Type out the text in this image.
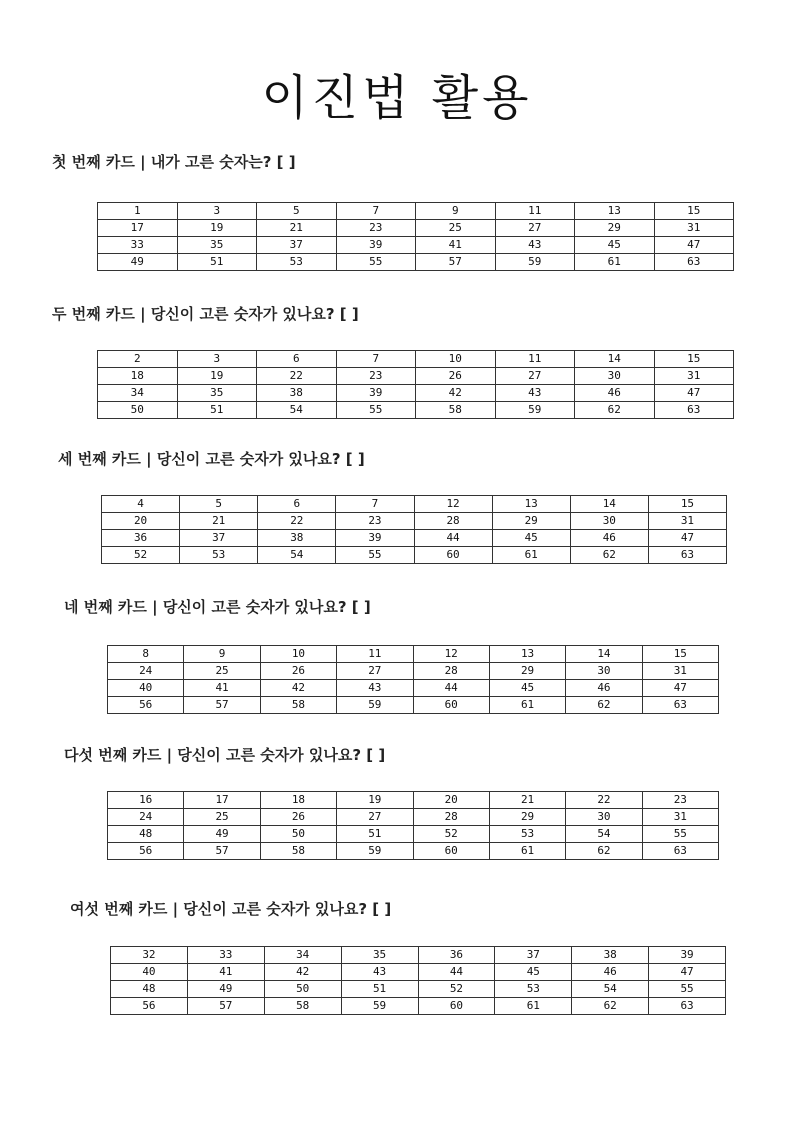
이진법 활용
첫 번째 카드 | 내가 고른 숫자는? [ ]
1	3	5	7	9	11	13	15
17	19	21	23	25	27	29	31
33	35	37	39	41	43	45	47
49	51	53	55	57	59	61	63
두 번째 카드 | 당신이 고른 숫자가 있나요? [ ]
2	3	6	7	10	11	14	15
18	19	22	23	26	27	30	31
34	35	38	39	42	43	46	47
50	51	54	55	58	59	62	63
세 번째 카드 | 당신이 고른 숫자가 있나요? [ ]
4	5	6	7	12	13	14	15
20	21	22	23	28	29	30	31
36	37	38	39	44	45	46	47
52	53	54	55	60	61	62	63
네 번째 카드 | 당신이 고른 숫자가 있나요? [ ]
8	9	10	11	12	13	14	15
24	25	26	27	28	29	30	31
40	41	42	43	44	45	46	47
56	57	58	59	60	61	62	63
다섯 번째 카드 | 당신이 고른 숫자가 있나요? [ ]
16	17	18	19	20	21	22	23
24	25	26	27	28	29	30	31
48	49	50	51	52	53	54	55
56	57	58	59	60	61	62	63
여섯 번째 카드 | 당신이 고른 숫자가 있나요? [ ]
32	33	34	35	36	37	38	39
40	41	42	43	44	45	46	47
48	49	50	51	52	53	54	55
56	57	58	59	60	61	62	63
